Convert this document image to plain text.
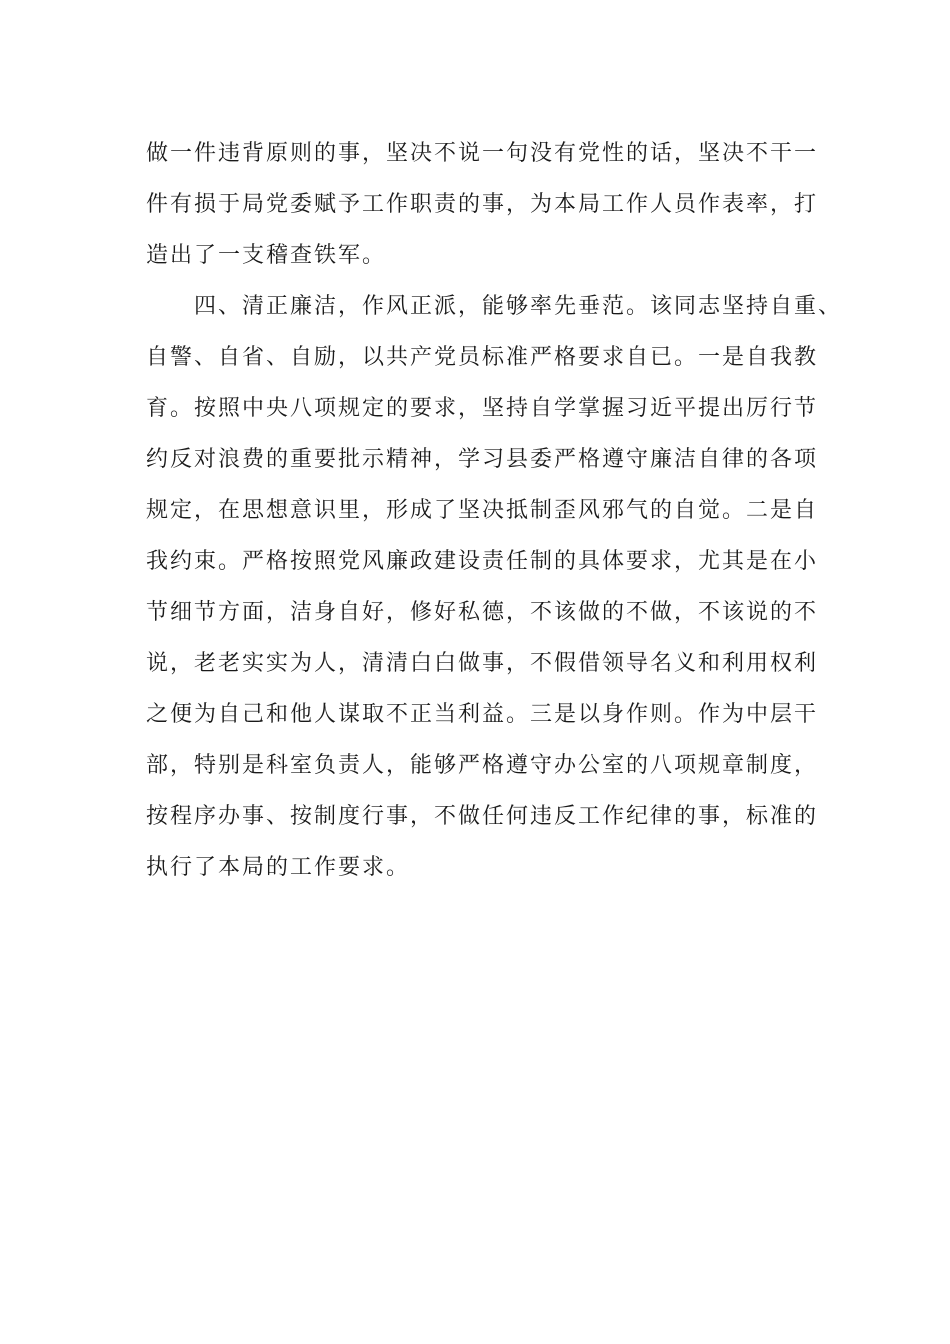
做一件违背原则的事，坚决不说一句没有党性的话，坚决不干一
件有损于局党委赋予工作职责的事，为本局工作人员作表率，打
造出了一支稽查铁军。
四、清正廉洁，作风正派，能够率先垂范。该同志坚持自重、
自警、自省、自励，以共产党员标准严格要求自已。一是自我教
育。按照中央八项规定的要求，坚持自学掌握习近平提出厉行节
约反对浪费的重要批示精神，学习县委严格遵守廉洁自律的各项
规定，在思想意识里，形成了坚决抵制歪风邪气的自觉。二是自
我约束。严格按照党风廉政建设责任制的具体要求，尤其是在小
节细节方面，洁身自好，修好私德，不该做的不做，不该说的不
说，老老实实为人，清清白白做事，不假借领导名义和利用权利
之便为自己和他人谋取不正当利益。三是以身作则。作为中层干
部，特别是科室负责人，能够严格遵守办公室的八项规章制度，
按程序办事、按制度行事，不做任何违反工作纪律的事，标准的
执行了本局的工作要求。
